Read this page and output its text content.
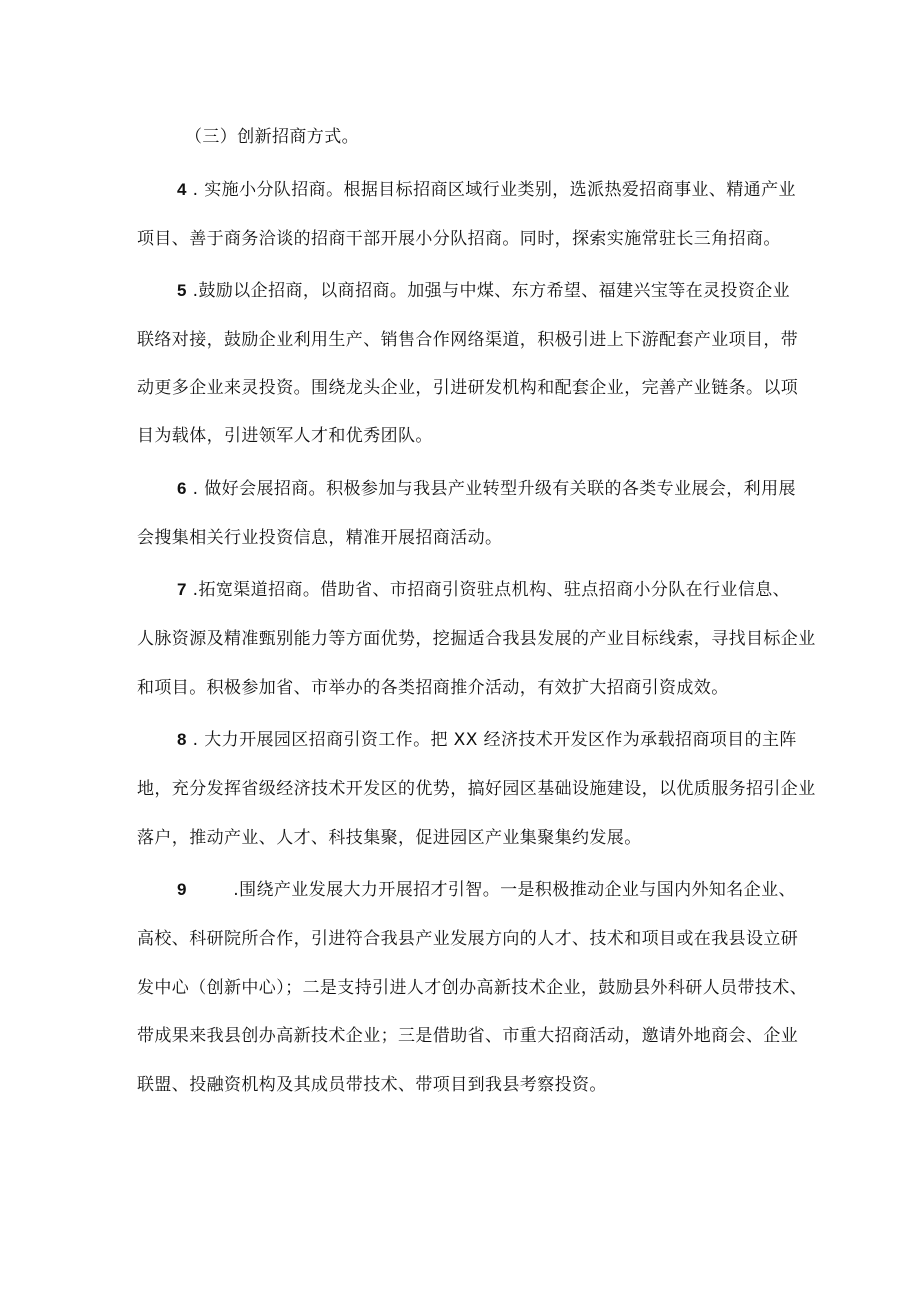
（三）创新招商方式。
4 . 实施小分队招商。根据目标招商区域行业类别，选派热爱招商事业、精通产业
项目、善于商务洽谈的招商干部开展小分队招商。同时，探索实施常驻长三角招商。
5 .鼓励以企招商，以商招商。加强与中煤、东方希望、福建兴宝等在灵投资企业
联络对接，鼓励企业利用生产、销售合作网络渠道，积极引进上下游配套产业项目，带
动更多企业来灵投资。围绕龙头企业，引进研发机构和配套企业，完善产业链条。以项
目为载体，引进领军人才和优秀团队。
6 . 做好会展招商。积极参加与我县产业转型升级有关联的各类专业展会，利用展
会搜集相关行业投资信息，精准开展招商活动。
7 .拓宽渠道招商。借助省、市招商引资驻点机构、驻点招商小分队在行业信息、
人脉资源及精准甄别能力等方面优势，挖掘适合我县发展的产业目标线索，寻找目标企业
和项目。积极参加省、市举办的各类招商推介活动，有效扩大招商引资成效。
8 . 大力开展园区招商引资工作。把 XX 经济技术开发区作为承载招商项目的主阵
地，充分发挥省级经济技术开发区的优势，搞好园区基础设施建设，以优质服务招引企业
落户，推动产业、人才、科技集聚，促进园区产业集聚集约发展。
9        .围绕产业发展大力开展招才引智。一是积极推动企业与国内外知名企业、
高校、科研院所合作，引进符合我县产业发展方向的人才、技术和项目或在我县设立研
发中心（创新中心）；二是支持引进人才创办高新技术企业，鼓励县外科研人员带技术、
带成果来我县创办高新技术企业；三是借助省、市重大招商活动，邀请外地商会、企业
联盟、投融资机构及其成员带技术、带项目到我县考察投资。
